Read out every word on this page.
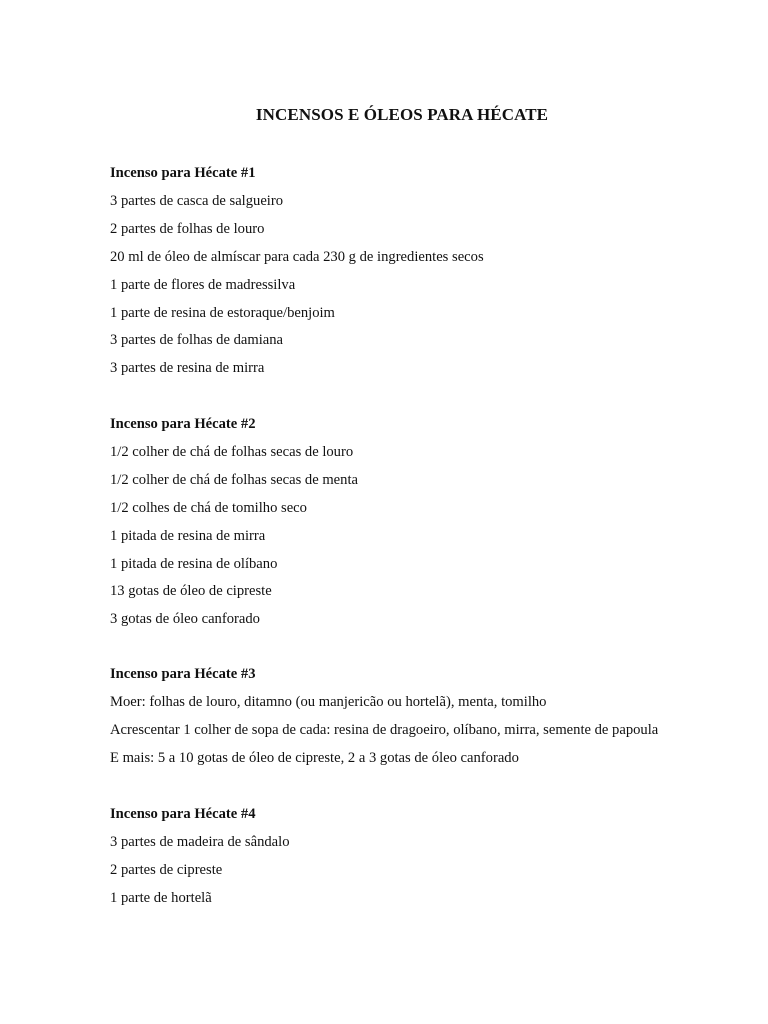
INCENSOS E ÓLEOS PARA HÉCATE

Incenso para Hécate #1

3 partes de casca de salgueiro
2 partes de folhas de louro
20 ml de óleo de almíscar para cada 230 g de ingredientes secos
1 parte de flores de madressilva
1 parte de resina de estoraque/benjoim
3 partes de folhas de damiana
3 partes de resina de mirra

Incenso para Hécate #2

1/2 colher de chá de folhas secas de louro
1/2 colher de chá de folhas secas de menta
1/2 colhes de chá de tomilho seco
1 pitada de resina de mirra
1 pitada de resina de olíbano
13 gotas de óleo de cipreste
3 gotas de óleo canforado

Incenso para Hécate #3

Moer: folhas de louro, ditamno (ou manjericão ou hortelã), menta, tomilho
Acrescentar 1 colher de sopa de cada: resina de dragoeiro, olíbano, mirra, semente de papoula
E mais: 5 a 10 gotas de óleo de cipreste, 2 a 3 gotas de óleo canforado

Incenso para Hécate #4

3 partes de madeira de sândalo
2 partes de cipreste
1 parte de hortelã
